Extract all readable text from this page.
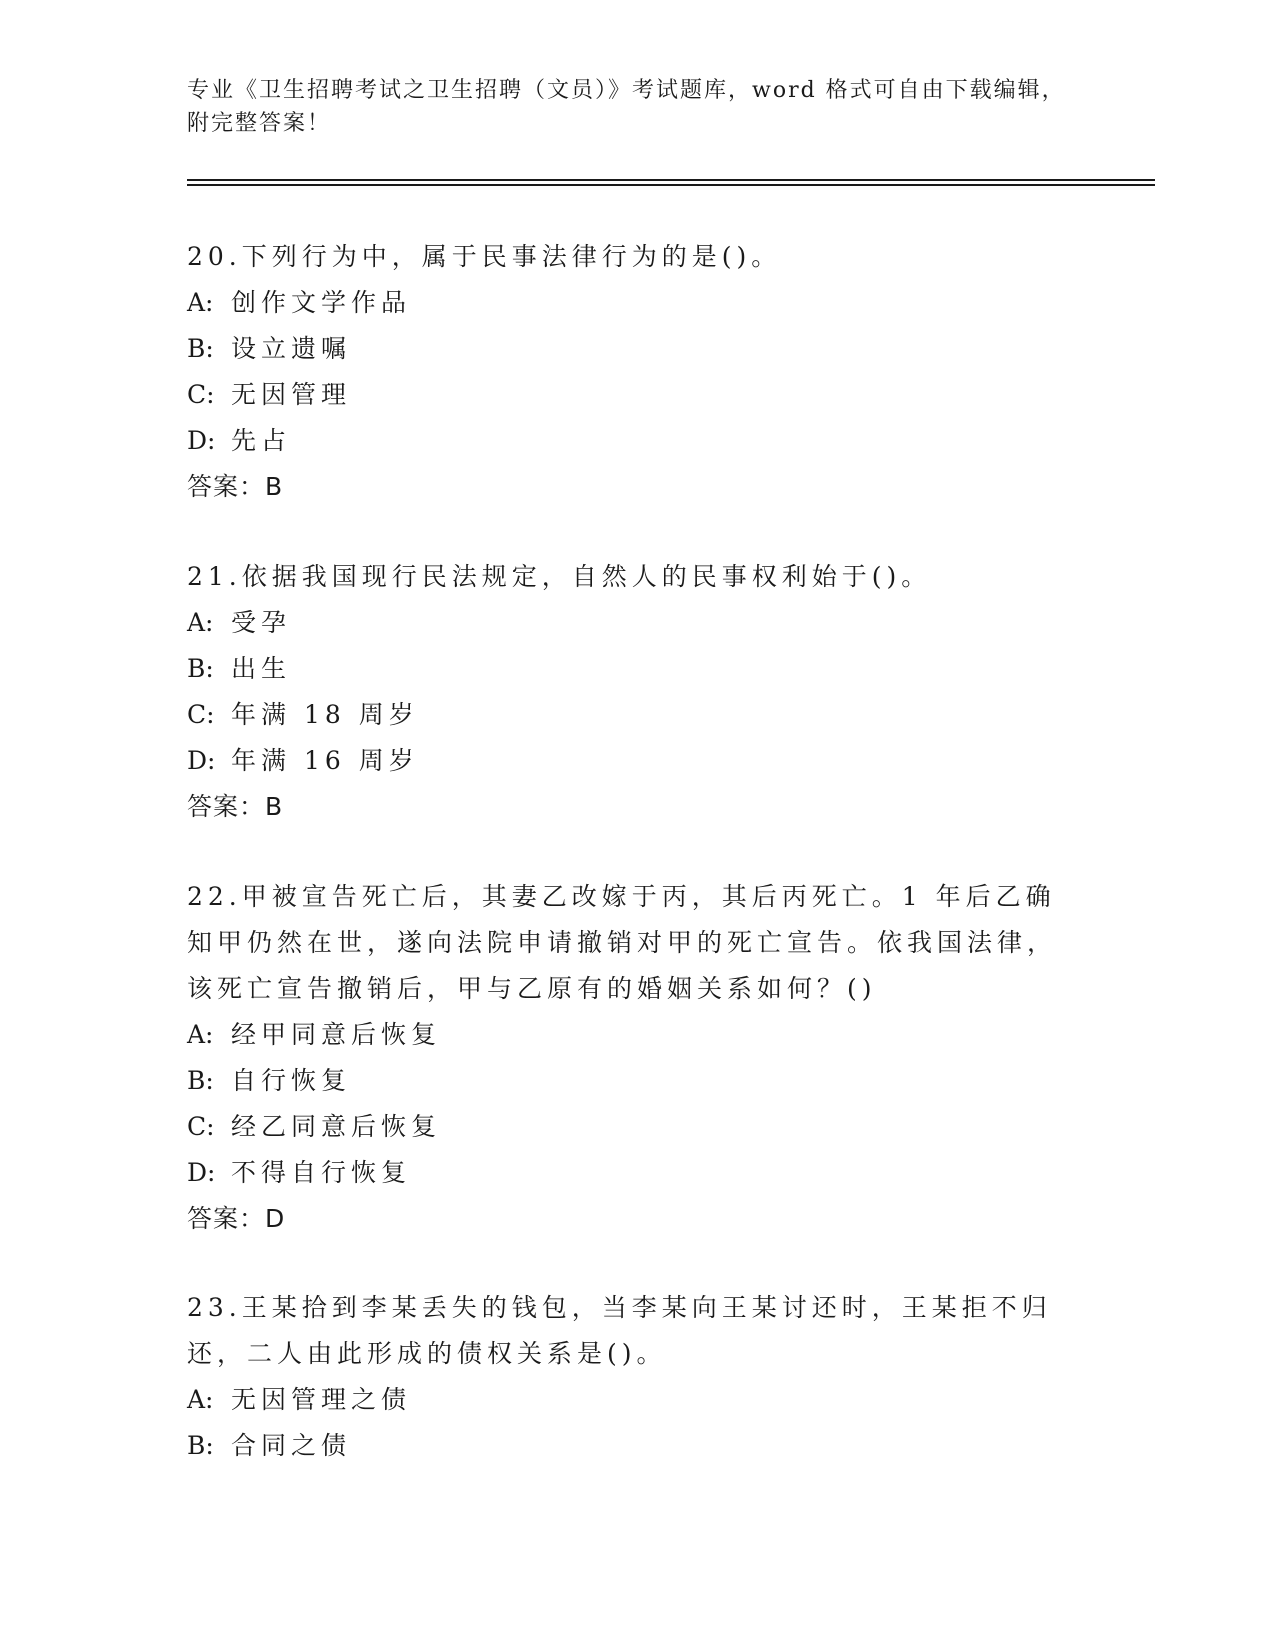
专业《卫生招聘考试之卫生招聘（文员）》考试题库，word 格式可自由下载编辑，附完整答案！
20.下列行为中，属于民事法律行为的是()。
A: 创作文学作品
B: 设立遗嘱
C: 无因管理
D: 先占
答案：B
21.依据我国现行民法规定，自然人的民事权利始于()。
A: 受孕
B: 出生
C: 年满 18 周岁
D: 年满 16 周岁
答案：B
22.甲被宣告死亡后，其妻乙改嫁于丙，其后丙死亡。1 年后乙确知甲仍然在世，遂向法院申请撤销对甲的死亡宣告。依我国法律，该死亡宣告撤销后，甲与乙原有的婚姻关系如何？()
A: 经甲同意后恢复
B: 自行恢复
C: 经乙同意后恢复
D: 不得自行恢复
答案：D
23.王某拾到李某丢失的钱包，当李某向王某讨还时，王某拒不归还，二人由此形成的债权关系是()。
A: 无因管理之债
B: 合同之债
